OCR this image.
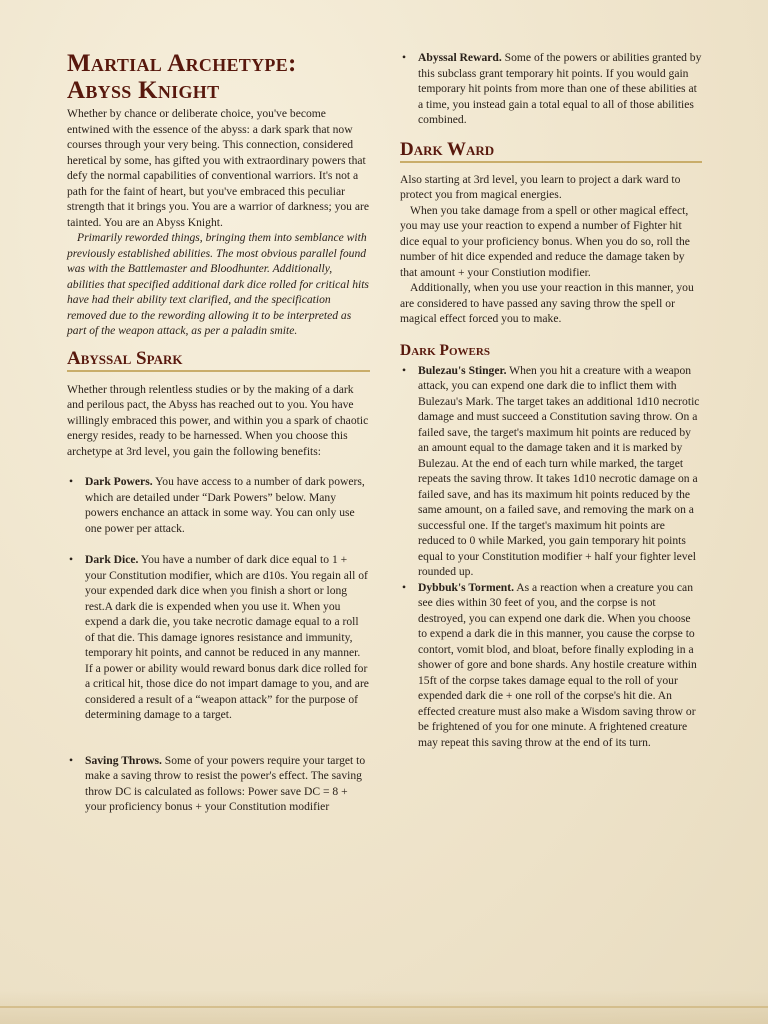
Martial Archetype:
Abyss Knight

Whether by chance or deliberate choice, you've become entwined with the essence of the abyss: a dark spark that now courses through your very being. This connection, considered heretical by some, has gifted you with extraordinary powers that defy the normal capabilities of conventional warriors. It's not a path for the faint of heart, but you've embraced this peculiar strength that it brings you. You are a warrior of darkness; you are tainted. You are an Abyss Knight.

Primarily reworded things, bringing them into semblance with previously established abilities. The most obvious parallel found was with the Battlemaster and Bloodhunter. Additionally, abilities that specified additional dark dice rolled for critical hits have had their ability text clarified, and the specification removed due to the rewording allowing it to be interpreted as part of the weapon attack, as per a paladin smite.

Abyssal Spark

Whether through relentless studies or by the making of a dark and perilous pact, the Abyss has reached out to you. You have willingly embraced this power, and within you a spark of chaotic energy resides, ready to be harnessed. When you choose this archetype at 3rd level, you gain the following benefits:

• Dark Powers. You have access to a number of dark powers, which are detailed under “Dark Powers” below. Many powers enchance an attack in some way. You can only use one power per attack.
• Dark Dice. You have a number of dark dice equal to 1 + your Constitution modifier, which are d10s. You regain all of your expended dark dice when you finish a short or long rest.A dark die is expended when you use it. When you expend a dark die, you take necrotic damage equal to a roll of that die. This damage ignores resistance and immunity, temporary hit points, and cannot be reduced in any manner. If a power or ability would reward bonus dark dice rolled for a critical hit, those dice do not impart damage to you, and are considered a result of a “weapon attack” for the purpose of determining damage to a target.
• Saving Throws. Some of your powers require your target to make a saving throw to resist the power's effect. The saving throw DC is calculated as follows: Power save DC = 8 + your proficiency bonus + your Constitution modifier
• Abyssal Reward. Some of the powers or abilities granted by this subclass grant temporary hit points. If you would gain temporary hit points from more than one of these abilities at a time, you instead gain a total equal to all of those abilities combined.
Dark Ward

Also starting at 3rd level, you learn to project a dark ward to protect you from magical energies.

When you take damage from a spell or other magical effect, you may use your reaction to expend a number of Fighter hit dice equal to your proficiency bonus. When you do so, roll the number of hit dice expended and reduce the damage taken by that amount + your Constiution modifier.

Additionally, when you use your reaction in this manner, you are considered to have passed any saving throw the spell or magical effect forced you to make.

Dark Powers
• Bulezau's Stinger. When you hit a creature with a weapon attack, you can expend one dark die to inflict them with Bulezau's Mark. The target takes an additional 1d10 necrotic damage and must succeed a Constitution saving throw. On a failed save, the target's maximum hit points are reduced by an amount equal to the damage taken and it is marked by Bulezau. At the end of each turn while marked, the target repeats the saving throw. It takes 1d10 necrotic damage on a failed save, and has its maximum hit points reduced by the same amount, on a failed save, and removing the mark on a successful one. If the target's maximum hit points are reduced to 0 while Marked, you gain temporary hit points equal to your Constitution modifier + half your fighter level rounded up.
• Dybbuk's Torment. As a reaction when a creature you can see dies within 30 feet of you, and the corpse is not destroyed, you can expend one dark die. When you choose to expend a dark die in this manner, you cause the corpse to contort, vomit blod, and bloat, before finally exploding in a shower of gore and bone shards. Any hostile creature within 15ft of the corpse takes damage equal to the roll of your expended dark die + one roll of the corpse's hit die. An effected creature must also make a Wisdom saving throw or be frightened of you for one minute. A frightened creature may repeat this saving throw at the end of its turn.
